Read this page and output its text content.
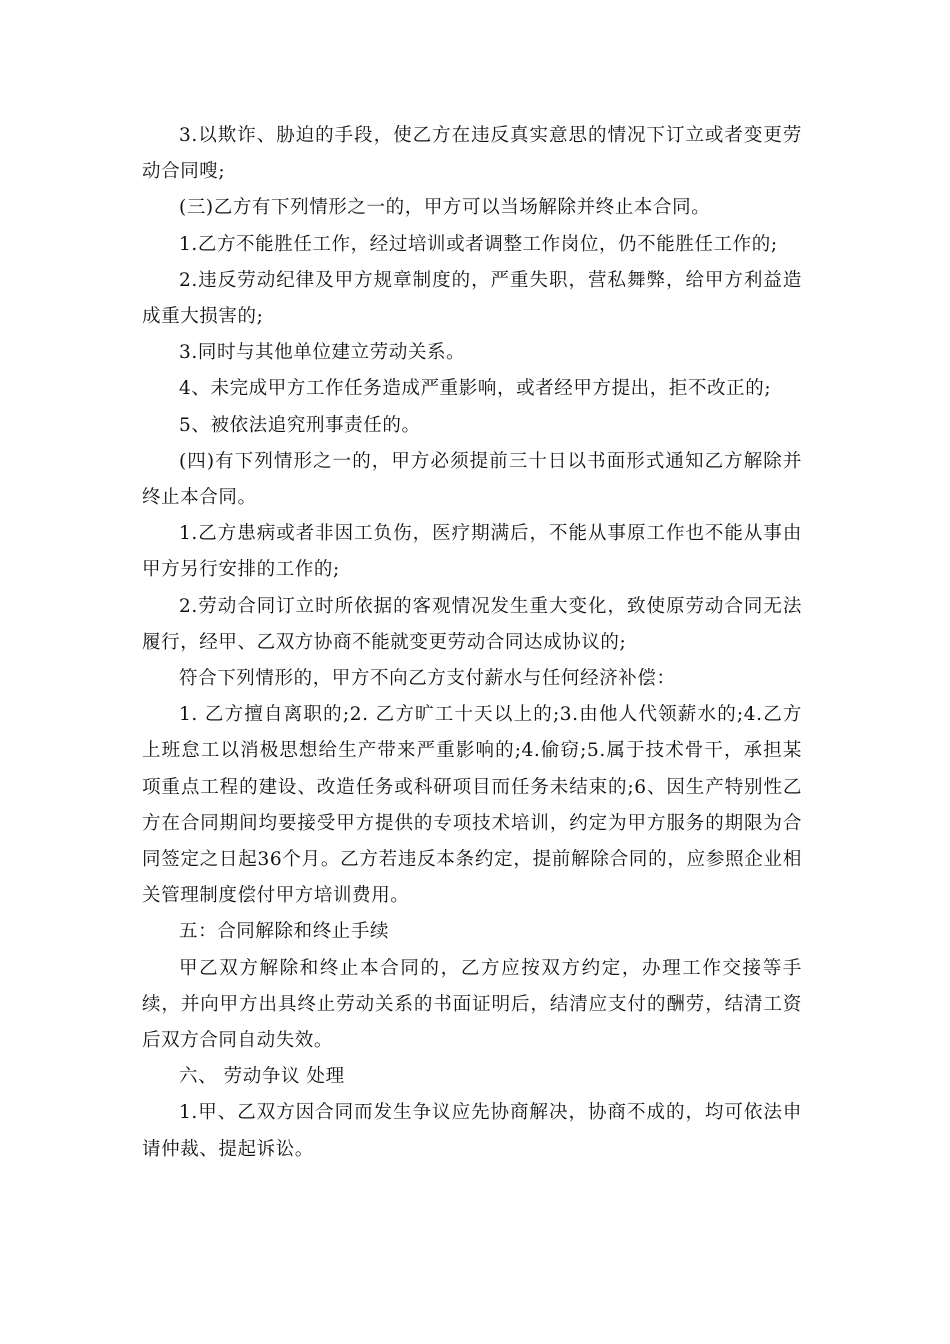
3.以欺诈、胁迫的手段，使乙方在违反真实意思的情况下订立或者变更劳动合同嗖;

(三)乙方有下列情形之一的，甲方可以当场解除并终止本合同。

1.乙方不能胜任工作，经过培训或者调整工作岗位，仍不能胜任工作的;

2.违反劳动纪律及甲方规章制度的，严重失职，营私舞弊，给甲方利益造成重大损害的;

3.同时与其他单位建立劳动关系。

4、未完成甲方工作任务造成严重影响，或者经甲方提出，拒不改正的;

5、被依法追究刑事责任的。

(四)有下列情形之一的，甲方必须提前三十日以书面形式通知乙方解除并终止本合同。

1.乙方患病或者非因工负伤，医疗期满后，不能从事原工作也不能从事由甲方另行安排的工作的;

2.劳动合同订立时所依据的客观情况发生重大变化，致使原劳动合同无法履行，经甲、乙双方协商不能就变更劳动合同达成协议的;

符合下列情形的，甲方不向乙方支付薪水与任何经济补偿：

1. 乙方擅自离职的;2. 乙方旷工十天以上的;3.由他人代领薪水的;4.乙方上班怠工以消极思想给生产带来严重影响的;4.偷窃;5.属于技术骨干，承担某项重点工程的建设、改造任务或科研项目而任务未结束的;6、因生产特别性乙方在合同期间均要接受甲方提供的专项技术培训，约定为甲方服务的期限为合同签定之日起36个月。乙方若违反本条约定，提前解除合同的，应参照企业相关管理制度偿付甲方培训费用。

五：合同解除和终止手续

甲乙双方解除和终止本合同的，乙方应按双方约定，办理工作交接等手续，并向甲方出具终止劳动关系的书面证明后，结清应支付的酬劳，结清工资后双方合同自动失效。

六、 劳动争议 处理

1.甲、乙双方因合同而发生争议应先协商解决，协商不成的，均可依法申请仲裁、提起诉讼。
